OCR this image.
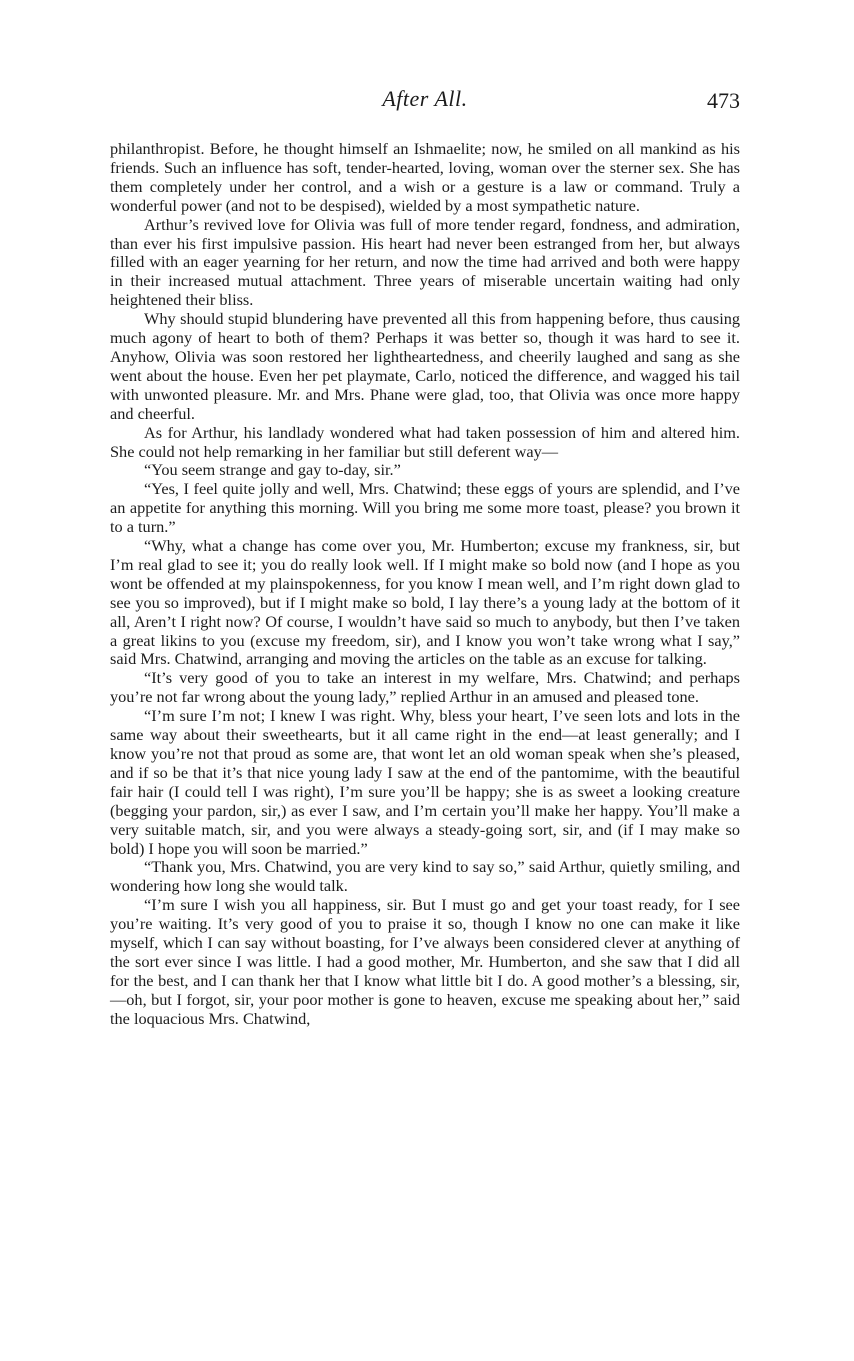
After All.	473

philanthropist. Before, he thought himself an Ishmaelite; now, he smiled on all mankind as his friends. Such an influence has soft, tender-hearted, loving, woman over the sterner sex. She has them completely under her control, and a wish or a gesture is a law or command. Truly a wonderful power (and not to be despised), wielded by a most sympathetic nature.

Arthur’s revived love for Olivia was full of more tender regard, fondness, and admiration, than ever his first impulsive passion. His heart had never been estranged from her, but always filled with an eager yearning for her return, and now the time had arrived and both were happy in their increased mutual attachment. Three years of miserable uncertain waiting had only heightened their bliss.

Why should stupid blundering have prevented all this from happening before, thus causing much agony of heart to both of them? Perhaps it was better so, though it was hard to see it. Anyhow, Olivia was soon restored her lightheartedness, and cheerily laughed and sang as she went about the house. Even her pet playmate, Carlo, noticed the difference, and wagged his tail with unwonted pleasure. Mr. and Mrs. Phane were glad, too, that Olivia was once more happy and cheerful.

As for Arthur, his landlady wondered what had taken possession of him and altered him. She could not help remarking in her familiar but still deferent way—

“You seem strange and gay to-day, sir.”

“Yes, I feel quite jolly and well, Mrs. Chatwind; these eggs of yours are splendid, and I’ve an appetite for anything this morning. Will you bring me some more toast, please? you brown it to a turn.”

“Why, what a change has come over you, Mr. Humberton; excuse my frankness, sir, but I’m real glad to see it; you do really look well. If I might make so bold now (and I hope as you wont be offended at my plainspokenness, for you know I mean well, and I’m right down glad to see you so improved), but if I might make so bold, I lay there’s a young lady at the bottom of it all, Aren’t I right now? Of course, I wouldn’t have said so much to anybody, but then I’ve taken a great likins to you (excuse my freedom, sir), and I know you won’t take wrong what I say,” said Mrs. Chatwind, arranging and moving the articles on the table as an excuse for talking.

“It’s very good of you to take an interest in my welfare, Mrs. Chatwind; and perhaps you’re not far wrong about the young lady,” replied Arthur in an amused and pleased tone.

“I’m sure I’m not; I knew I was right. Why, bless your heart, I’ve seen lots and lots in the same way about their sweethearts, but it all came right in the end—at least generally; and I know you’re not that proud as some are, that wont let an old woman speak when she’s pleased, and if so be that it’s that nice young lady I saw at the end of the pantomime, with the beautiful fair hair (I could tell I was right), I’m sure you’ll be happy; she is as sweet a looking creature (begging your pardon, sir,) as ever I saw, and I’m certain you’ll make her happy. You’ll make a very suitable match, sir, and you were always a steady-going sort, sir, and (if I may make so bold) I hope you will soon be married.”

“Thank you, Mrs. Chatwind, you are very kind to say so,” said Arthur, quietly smiling, and wondering how long she would talk.

“I’m sure I wish you all happiness, sir. But I must go and get your toast ready, for I see you’re waiting. It’s very good of you to praise it so, though I know no one can make it like myself, which I can say without boasting, for I’ve always been considered clever at anything of the sort ever since I was little. I had a good mother, Mr. Humberton, and she saw that I did all for the best, and I can thank her that I know what little bit I do. A good mother’s a blessing, sir,—oh, but I forgot, sir, your poor mother is gone to heaven, excuse me speaking about her,” said the loquacious Mrs. Chatwind,
